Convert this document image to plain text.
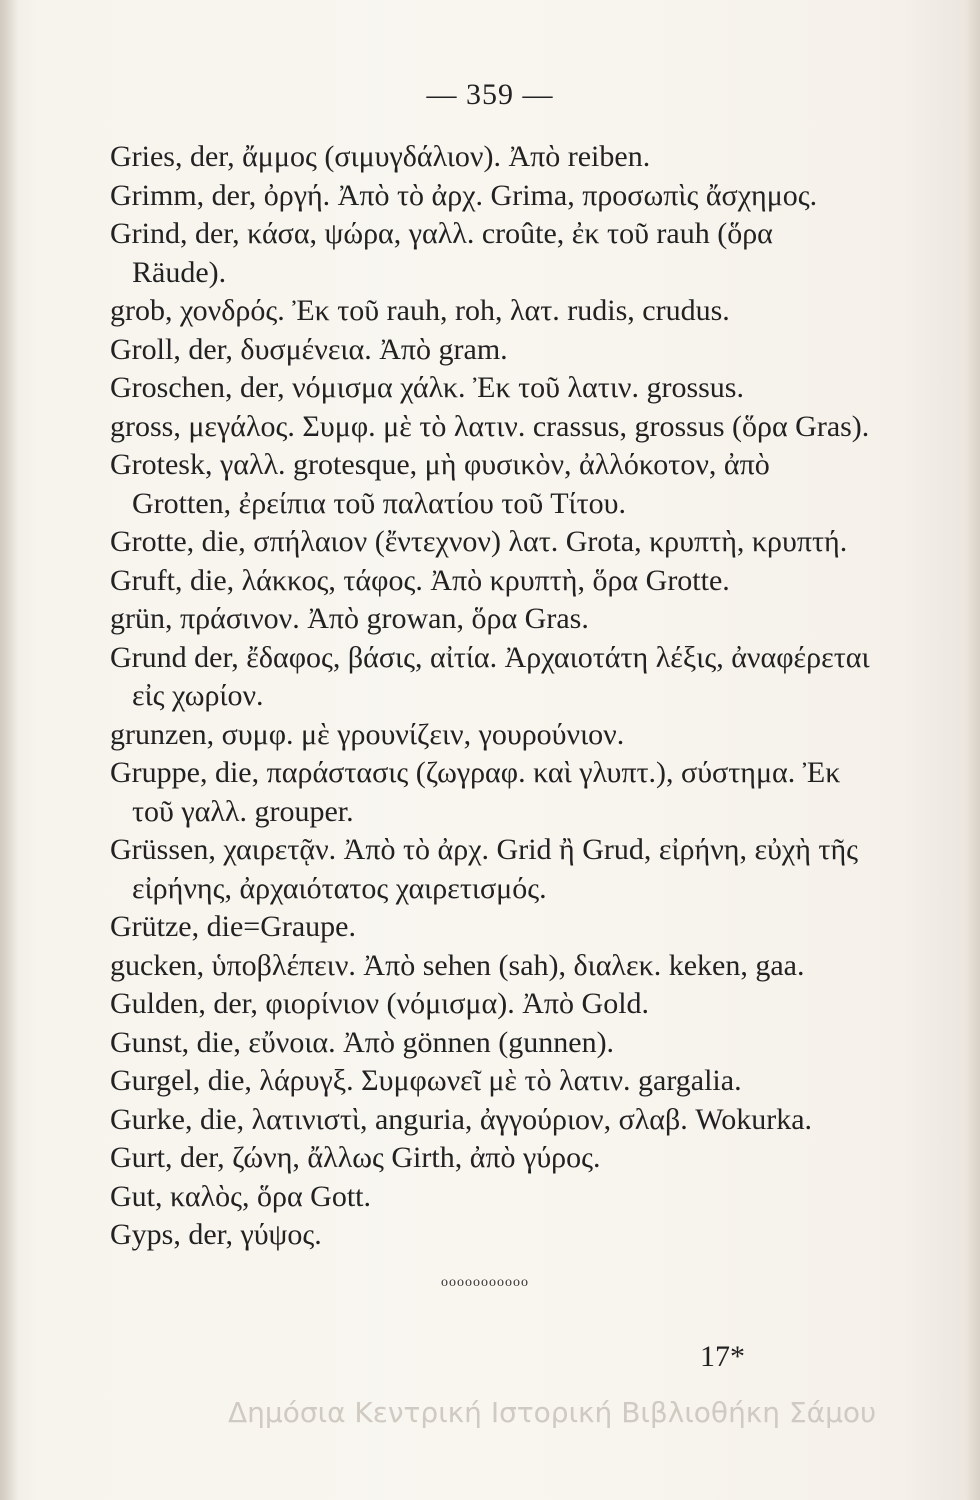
— 359 —

Gries, der, ἄμμος (σιμυγδάλιον). Ἀπὸ reiben.

Grimm, der, ὀργή. Ἀπὸ τὸ ἀρχ. Grima, προσωπὶς ἄσχημος.

Grind, der, κάσα, ψώρα, γαλλ. croûte, ἐκ τοῦ rauh (ὅρα Räude).

grob, χονδρός. Ἐκ τοῦ rauh, roh, λατ. rudis, crudus.

Groll, der, δυσμένεια. Ἀπὸ gram.

Groschen, der, νόμισμα χάλκ. Ἐκ τοῦ λατιν. grossus.

gross, μεγάλος. Συμφ. μὲ τὸ λατιν. crassus, grossus (ὅρα Gras).

Grotesk, γαλλ. grotesque, μὴ φυσικὸν, ἀλλόκοτον, ἀπὸ Grotten, ἐρείπια τοῦ παλατίου τοῦ Τίτου.

Grotte, die, σπήλαιον (ἔντεχνον) λατ. Grota, κρυπτὴ, κρυπτή.

Gruft, die, λάκκος, τάφος. Ἀπὸ κρυπτὴ, ὅρα Grotte.

grün, πράσινον. Ἀπὸ growan, ὅρα Gras.

Grund der, ἔδαφος, βάσις, αἰτία. Ἀρχαιοτάτη λέξις, ἀναφέρεται εἰς χωρίον.

grunzen, συμφ. μὲ γρουνίζειν, γουρούνιον.

Gruppe, die, παράστασις (ζωγραφ. καὶ γλυπτ.), σύστημα. Ἐκ τοῦ γαλλ. grouper.

Grüssen, χαιρετᾷν. Ἀπὸ τὸ ἀρχ. Grid ἢ Grud, εἰρήνη, εὐχὴ τῆς εἰρήνης, ἀρχαιότατος χαιρετισμός.

Grütze, die=Graupe.

gucken, ὑποβλέπειν. Ἀπὸ sehen (sah), διαλεκ. keken, gaa.

Gulden, der, φιορίνιον (νόμισμα). Ἀπὸ Gold.

Gunst, die, εὔνοια. Ἀπὸ gönnen (gunnen).

Gurgel, die, λάρυγξ. Συμφωνεῖ μὲ τὸ λατιν. gargalia.

Gurke, die, λατινιστὶ, anguria, ἀγγούριον, σλαβ. Wokurka.

Gurt, der, ζώνη, ἄλλως Girth, ἀπὸ γύρος.

Gut, καλὸς, ὅρα Gott.

Gyps, der, γύψος.

ooooooooooo
17*
Δημόσια Κεντρική Ιστορική Βιβλιοθήκη Σάμου
